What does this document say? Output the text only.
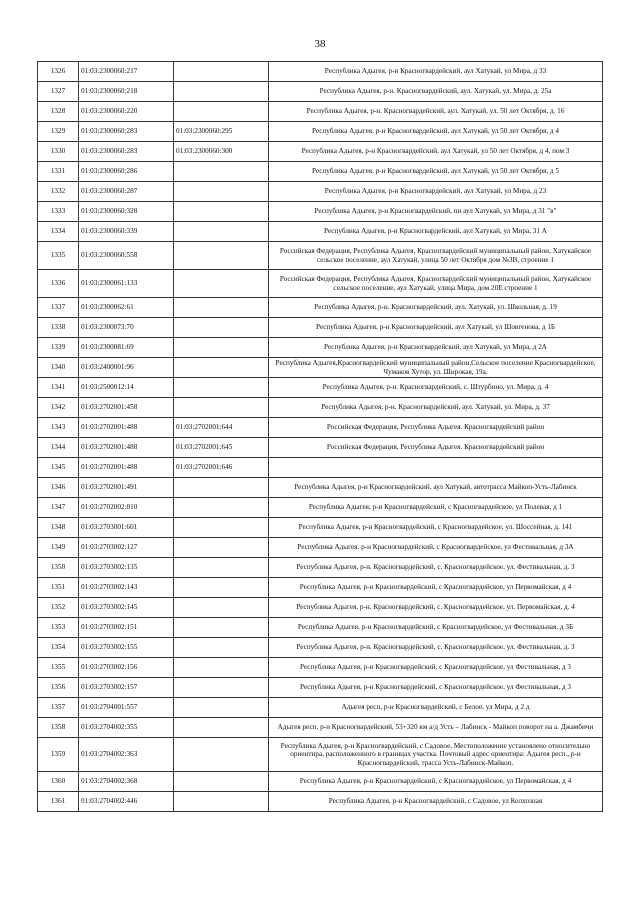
38
1326	01:03:2300060:217		Республика Адыгея, р-н Красногвардейский, аул Хатукай, ул Мира, д 33
1327	01:03:2300060:218		Республика Адыгея, р-н. Красногвардейский, аул. Хатукай, ул. Мира, д. 25а
1328	01:03:2300060:220		Республика Адыгея, р-н. Красногвардейский, аул. Хатукай, ул. 50 лет Октября, д. 16
1329	01:03:2300060:283	01:03:2300060:295	Республика Адыгея, р-н Красногвардейский, аул Хатукай, ул 50 лет Октября, д 4
1330	01:03:2300060:283	01:03:2300060:300	Республика Адыгея, р-н Красногвардейский, аул Хатукай, ул 50 лет Октября, д 4, пом 3
1331	01:03:2300060:286		Республика Адыгея, р-н Красногвардейский, аул Хатукай, ул 50 лет Октября, д 5
1332	01:03:2300060:287		Республика Адыгея, р-н Красногвардейский, аул Хатукай, ул Мира, д 23
1333	01:03:2300060:328		Республика Адыгея, р-н Красногвардейский, пн аул Хатукай, ул Мира, д 31 "в"
1334	01:03:2300060:339		Республика Адыгея, р-н Красногвардейский, аул Хатукай, ул Мира, 31 А
1335	01:03:2300060:558		Российская Федерация, Республика Адыгея, Красногвардейский муниципальный район, Хатукайское сельское поселение, аул Хатукай, улица 50 лет Октября дом №3В, строение 1
1336	01:03:2300061:133		Российская Федерация, Республика Адыгея, Красногвардейский муниципальный район, Хатукайское сельское поселение, аул Хатукай, улица Мира, дом 20Е строение 1
1337	01:03:2300062:61		Республика Адыгея, р-н. Красногвардейский, аул. Хатукай, ул. Школьная, д. 19
1338	01:03:2300073:70		Республика Адыгея, р-н Красногвардейский, аул Хатукай, ул Шовгенова, д 1Б
1339	01:03:2300081:69		Республика Адыгея, р-н Красногвардейский, аул Хатукай, ул Мира, д 2А
1340	01:03:2400001:96		Республика Адыгея,Красногвардейский муниципальный район,Сельское поселение Красногвардейское, Чумаков Хутор, ул. Широкая, 19а.
1341	01:03:2500012:14		Республика Адыгея, р-н. Красногвардейский, с. Штурбино, ул. Мира, д. 4
1342	01:03:2702001:458		Республика Адыгея, р-н. Красногвардейский, аул. Хатукай, ул. Мира, д. 37
1343	01:03:2702001:488	01:03:2702001:644	Российская Федерация, Республика Адыгея. Красногвардейский район
1344	01:03:2702001:488	01:03:2702001:645	Российская Федерация, Республика Адыгея. Красногвардейский район
1345	01:03:2702001:488	01:03:2702001:646	
1346	01:03:2702001:491		Республика Адыгея, р-н Красногвардейский, аул Хатукай, автотрасса Майкоп-Усть-Лабинск
1347	01:03:2702002:810		Республика Адыгея, р-н Красногвардейский, с Красногвардейское, ул Полевая, д 1
1348	01:03:2703001:601		Республика Адыгея, р-н Красногвардейский, с Красногвардейское, ул. Шоссейная, д. 141
1349	01:03:2703002:127		Республика Адыгея. р-н Красногвардейский, с Красногвардейское, ул Фестивальная, д 3А
1350	01:03:2703002:135		Республика Адыгея, р-н. Красногвардейский, с. Красногвардейское, ул. Фестивальная, д. 3
1351	01:03:2703002:143		Республика Адыгея, р-н Красногвардейский, с Красногвардейское, ул Первомайская, д 4
1352	01:03:2703002:145		Республика Адыгея, р-н. Красногвардейский, с. Красногвардейское, ул. Первомайская, д. 4
1353	01:03:2703002:151		Республика Адыгея, р-н Красногвардейский, с Красногвардейское, ул Фестивальная, д 3Б
1354	01:03:2703002:155		Республика Адыгея, р-н. Красногвардейский, с. Красногвардейское, ул. Фестивальная, д. 3
1355	01:03:2703002:156		Республика Адыгея, р-н Красногвардейский, с Красногвардейское, ул Фестивальная, д 3
1356	01:03:2703002:157		Республика Адыгея, р-н Красногвардейский, с Красногвардейское, ул Фестивальная, д 3
1357	01:03:2704001:557		Адыгея респ, р-н Красногвардейский, с Белое, ул Мира, д 2 д
1358	01:03:2704002:355		Адыгея респ, р-н Красногвардейский, 53+320 км а/д Усть – Лабинск - Майкоп поворот на а. Джамбичи
1359	01:03:2704002:363		Республика Адыгея, р-н Красногвардейский, с Садовое, Местоположение установлено относительно ориентира, расположенного в границах участка. Почтовый адрес ориентира: Адыгея респ., р-н Красногвардейский, трасса Усть-Лабинск-Майкоп.
1360	01:03:2704002:368		Республика Адыгея, р-н Красногвардейский, с Красногвардейское, ул Первомайская, д 4
1361	01:03:2704002:446		Республика Адыгея, р-н Красногвардейский, с Садовое, ул Колхозная
